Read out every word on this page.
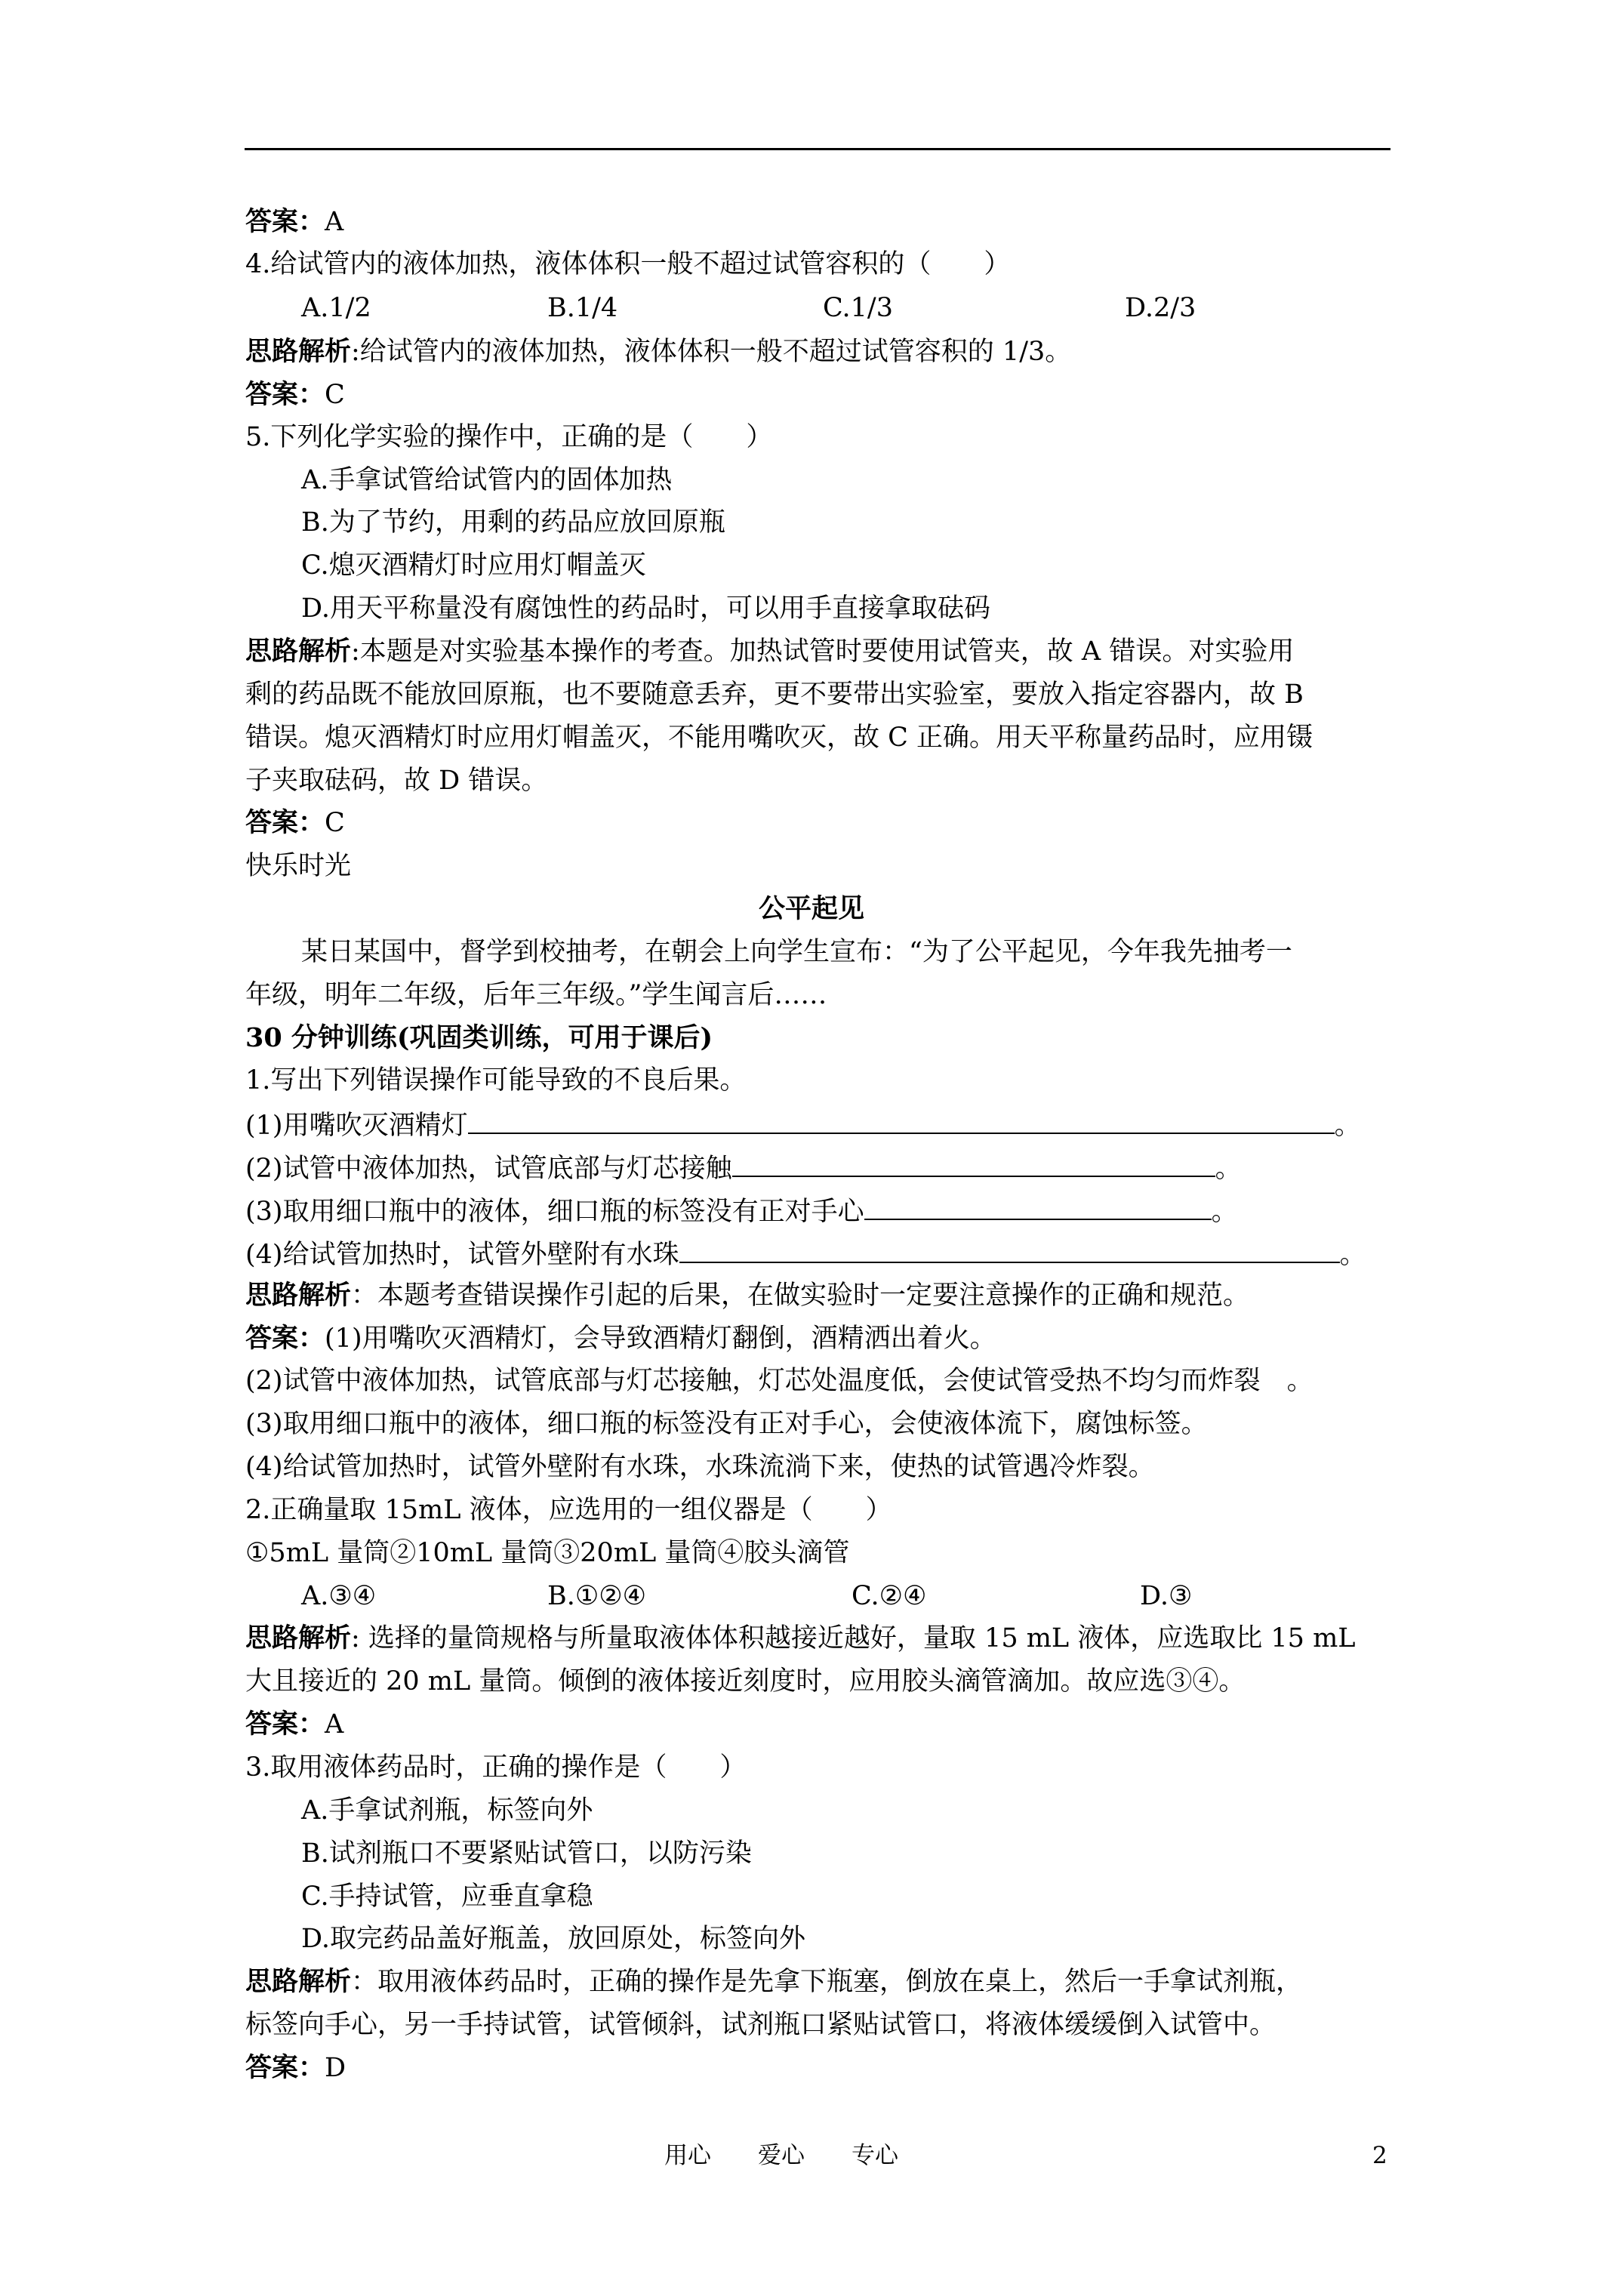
答案：A
4.给试管内的液体加热，液体体积一般不超过试管容积的（　　）
A.1/2	B.1/4	C.1/3	D.2/3
思路解析:给试管内的液体加热，液体体积一般不超过试管容积的 1/3。
答案：C
5.下列化学实验的操作中，正确的是（　　）
A.手拿试管给试管内的固体加热
B.为了节约，用剩的药品应放回原瓶
C.熄灭酒精灯时应用灯帽盖灭
D.用天平称量没有腐蚀性的药品时，可以用手直接拿取砝码
思路解析:本题是对实验基本操作的考查。加热试管时要使用试管夹，故 A 错误。对实验用
剩的药品既不能放回原瓶，也不要随意丢弃，更不要带出实验室，要放入指定容器内，故 B
错误。熄灭酒精灯时应用灯帽盖灭，不能用嘴吹灭，故 C 正确。用天平称量药品时，应用镊
子夹取砝码，故 D 错误。
答案：C
快乐时光
公平起见
某日某国中，督学到校抽考，在朝会上向学生宣布：“为了公平起见，今年我先抽考一
年级，明年二年级，后年三年级。”学生闻言后……
30 分钟训练(巩固类训练，可用于课后)
1.写出下列错误操作可能导致的不良后果。
(1)用嘴吹灭酒精灯	。
(2)试管中液体加热，试管底部与灯芯接触	。
(3)取用细口瓶中的液体，细口瓶的标签没有正对手心	。
(4)给试管加热时，试管外壁附有水珠	。
思路解析：本题考查错误操作引起的后果，在做实验时一定要注意操作的正确和规范。
答案：(1)用嘴吹灭酒精灯，会导致酒精灯翻倒，酒精洒出着火。
(2)试管中液体加热，试管底部与灯芯接触，灯芯处温度低，会使试管受热不均匀而炸裂　 。
(3)取用细口瓶中的液体，细口瓶的标签没有正对手心，会使液体流下，腐蚀标签。
(4)给试管加热时，试管外壁附有水珠，水珠流淌下来，使热的试管遇冷炸裂。
2.正确量取 15mL 液体，应选用的一组仪器是（　　）
①5mL 量筒②10mL 量筒③20mL 量筒④胶头滴管
A.③④	B.①②④	C.②④	D.③
思路解析: 选择的量筒规格与所量取液体体积越接近越好，量取 15 mL 液体，应选取比 15 mL
大且接近的 20 mL 量筒。倾倒的液体接近刻度时，应用胶头滴管滴加。故应选③④。
答案：A
3.取用液体药品时，正确的操作是（　　）
A.手拿试剂瓶，标签向外
B.试剂瓶口不要紧贴试管口，以防污染
C.手持试管，应垂直拿稳
D.取完药品盖好瓶盖，放回原处，标签向外
思路解析：取用液体药品时，正确的操作是先拿下瓶塞，倒放在桌上，然后一手拿试剂瓶，
标签向手心，另一手持试管，试管倾斜，试剂瓶口紧贴试管口，将液体缓缓倒入试管中。
答案：D
用心　　爱心　　专心	2
